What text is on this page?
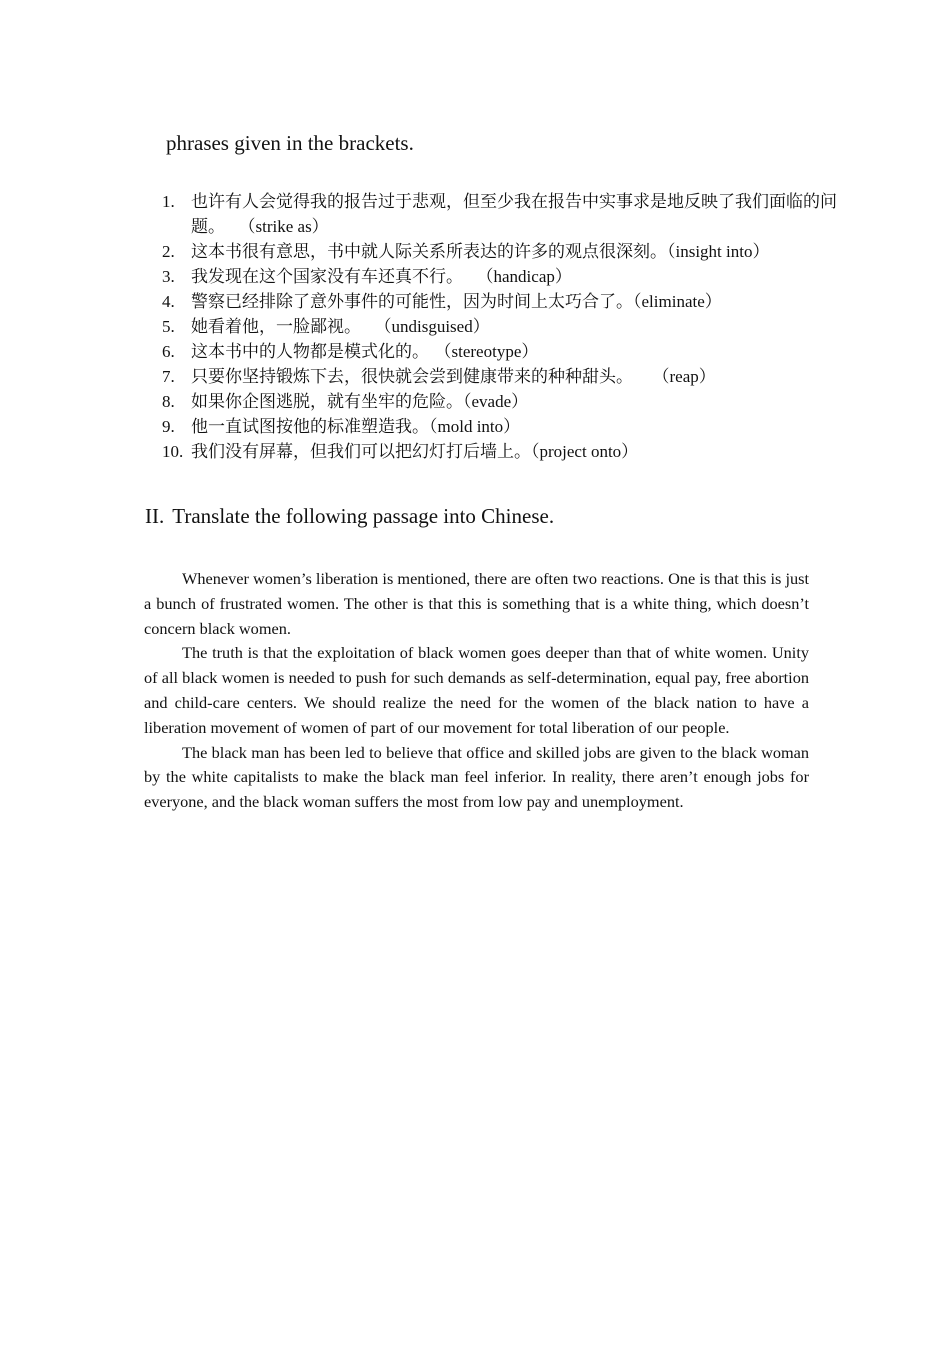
phrases given in the brackets.
1. 也许有人会觉得我的报告过于悲观，但至少我在报告中实事求是地反映了我们面临的问题。 （strike as）
2. 这本书很有意思，书中就人际关系所表达的许多的观点很深刻。（insight into）
3. 我发现在这个国家没有车还真不行。 （handicap）
4. 警察已经排除了意外事件的可能性，因为时间上太巧合了。（eliminate）
5. 她看着他，一脸鄙视。 （undisguised）
6. 这本书中的人物都是模式化的。 （stereotype）
7. 只要你坚持锻炼下去，很快就会尝到健康带来的种种甜头。 （reap）
8. 如果你企图逃脱，就有坐牢的危险。（evade）
9. 他一直试图按他的标准塑造我。（mold into）
10. 我们没有屏幕，但我们可以把幻灯打后墙上。（project onto）
II. Translate the following passage into Chinese.

Whenever women’s liberation is mentioned, there are often two reactions. One is that this is just a bunch of frustrated women. The other is that this is something that is a white thing, which doesn’t concern black women.

The truth is that the exploitation of black women goes deeper than that of white women. Unity of all black women is needed to push for such demands as self-determination, equal pay, free abortion and child-care centers. We should realize the need for the women of the black nation to have a liberation movement of women of part of our movement for total liberation of our people.

The black man has been led to believe that office and skilled jobs are given to the black woman by the white capitalists to make the black man feel inferior. In reality, there aren’t enough jobs for everyone, and the black woman suffers the most from low pay and unemployment.
